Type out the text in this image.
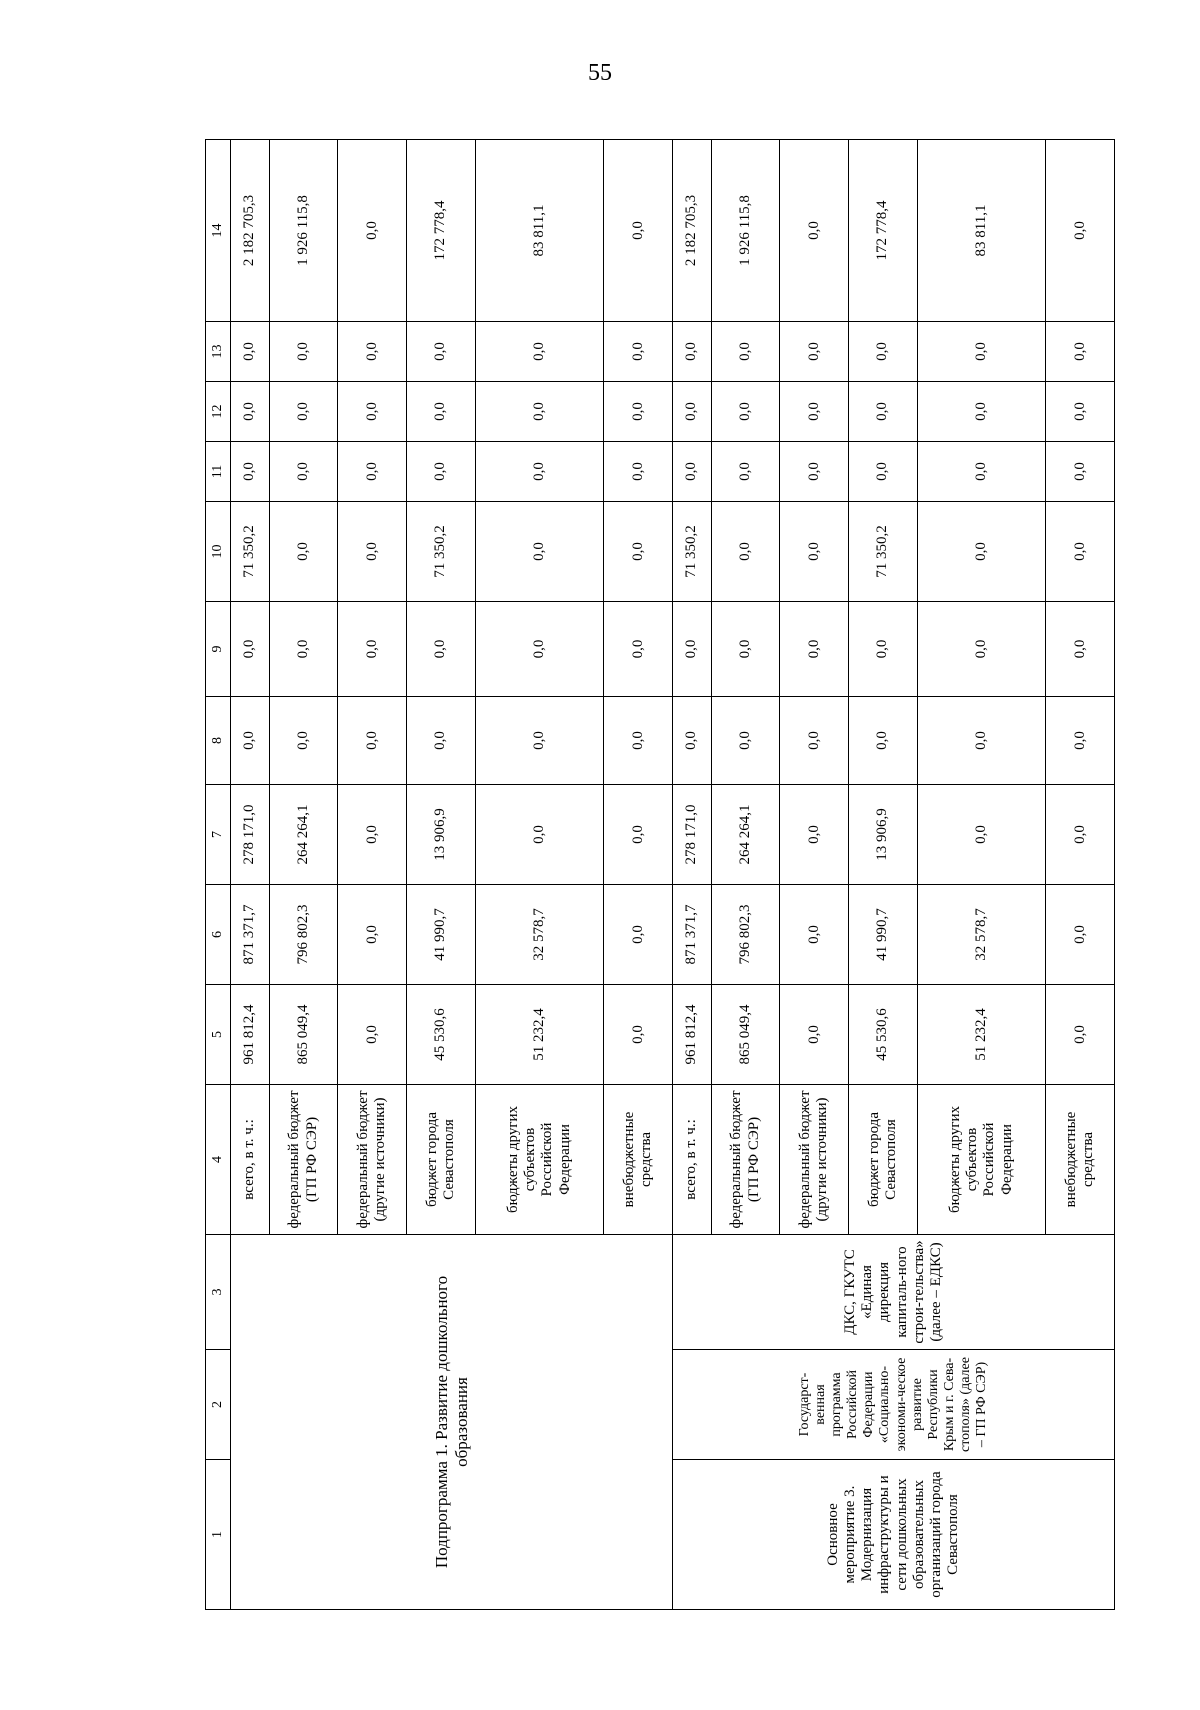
55
1	2	3	4	5	6	7	8	9	10	11	12	13	14
Подпрограмма 1. Развитие дошкольного образования			всего, в т. ч.:	961 812,4	871 371,7	278 171,0	0,0	0,0	71 350,2	0,0	0,0	0,0	2 182 705,3
			федеральный бюджет (ГП РФ СЭР)	865 049,4	796 802,3	264 264,1	0,0	0,0	0,0	0,0	0,0	0,0	1 926 115,8
			федеральный бюджет (другие источники)	0,0	0,0	0,0	0,0	0,0	0,0	0,0	0,0	0,0	0,0
			бюджет города Севастополя	45 530,6	41 990,7	13 906,9	0,0	0,0	71 350,2	0,0	0,0	0,0	172 778,4
			бюджеты других субъектов Российской Федерации	51 232,4	32 578,7	0,0	0,0	0,0	0,0	0,0	0,0	0,0	83 811,1
			внебюджетные средства	0,0	0,0	0,0	0,0	0,0	0,0	0,0	0,0	0,0	0,0
Основное мероприятие 3. Модернизация инфраструктуры и сети дошкольных образовательных организаций города Севастополя	Государст-венная программа Российской Федерации «Социально-экономи-ческое развитие Республики Крым и г. Сева-стополя» (далее – ГП РФ СЭР)	ДКС, ГКУТС «Единая дирекция капиталь-ного строи-тельства» (далее – ЕДКС)	всего, в т. ч.:	961 812,4	871 371,7	278 171,0	0,0	0,0	71 350,2	0,0	0,0	0,0	2 182 705,3
			федеральный бюджет (ГП РФ СЭР)	865 049,4	796 802,3	264 264,1	0,0	0,0	0,0	0,0	0,0	0,0	1 926 115,8
			федеральный бюджет (другие источники)	0,0	0,0	0,0	0,0	0,0	0,0	0,0	0,0	0,0	0,0
			бюджет города Севастополя	45 530,6	41 990,7	13 906,9	0,0	0,0	71 350,2	0,0	0,0	0,0	172 778,4
			бюджеты других субъектов Российской Федерации	51 232,4	32 578,7	0,0	0,0	0,0	0,0	0,0	0,0	0,0	83 811,1
			внебюджетные средства	0,0	0,0	0,0	0,0	0,0	0,0	0,0	0,0	0,0	0,0
